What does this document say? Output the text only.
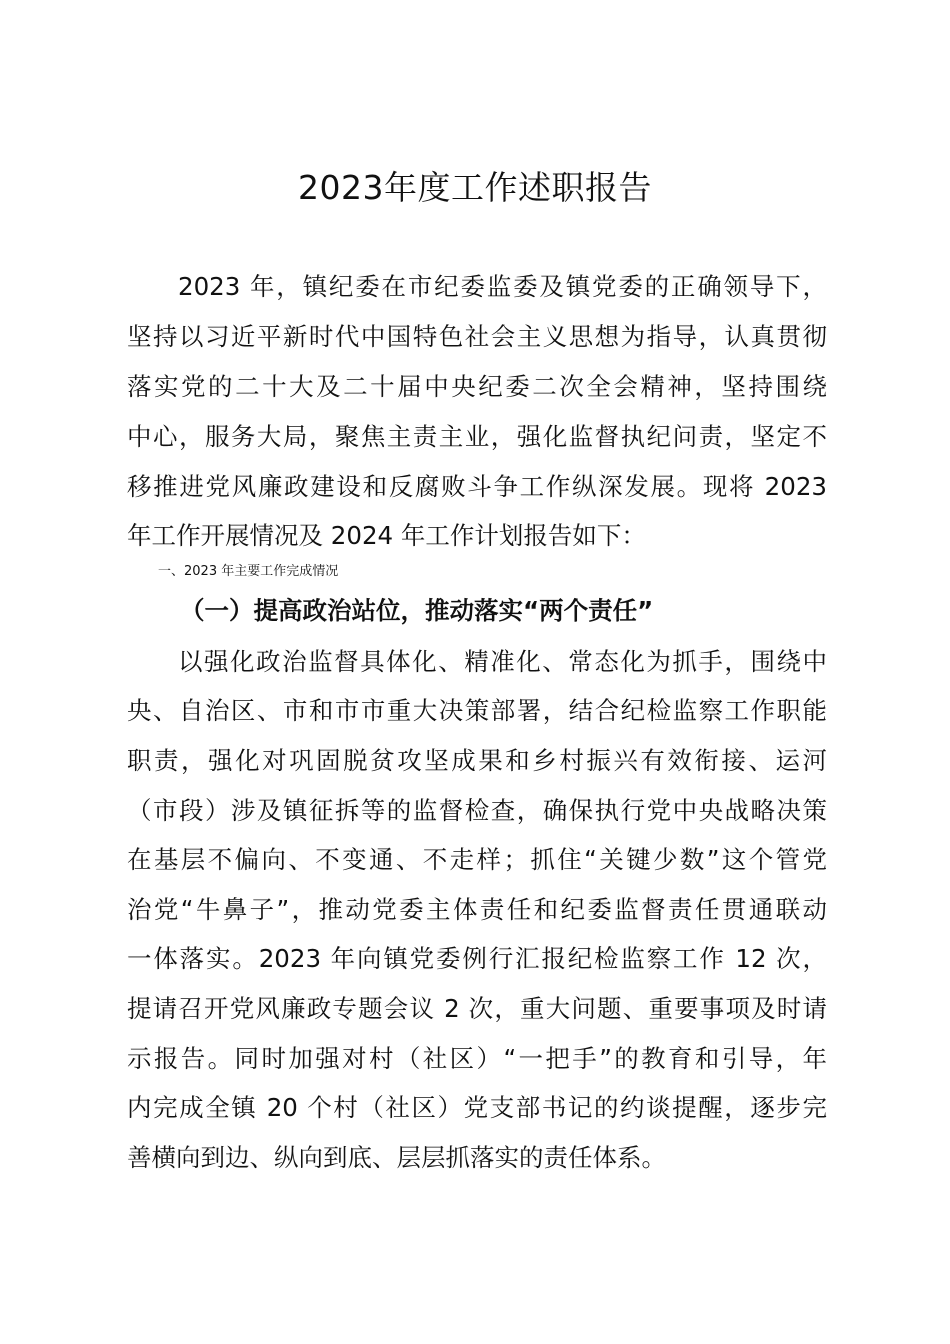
2023年度工作述职报告
2023 年，镇纪委在市纪委监委及镇党委的正确领导下，
坚持以习近平新时代中国特色社会主义思想为指导，认真贯彻
落实党的二十大及二十届中央纪委二次全会精神，坚持围绕
中心，服务大局，聚焦主责主业，强化监督执纪问责，坚定不
移推进党风廉政建设和反腐败斗争工作纵深发展。现将 2023
年工作开展情况及 2024 年工作计划报告如下：
一、2023 年主要工作完成情况
（一）提高政治站位，推动落实“两个责任”
以强化政治监督具体化、精准化、常态化为抓手，围绕中
央、自治区、市和市市重大决策部署，结合纪检监察工作职能
职责，强化对巩固脱贫攻坚成果和乡村振兴有效衔接、运河
（市段）涉及镇征拆等的监督检查，确保执行党中央战略决策
在基层不偏向、不变通、不走样；抓住“关键少数”这个管党
治党“牛鼻子”，推动党委主体责任和纪委监督责任贯通联动
一体落实。2023 年向镇党委例行汇报纪检监察工作 12 次，
提请召开党风廉政专题会议 2 次，重大问题、重要事项及时请
示报告。同时加强对村（社区）“一把手”的教育和引导，年
内完成全镇 20 个村（社区）党支部书记的约谈提醒，逐步完
善横向到边、纵向到底、层层抓落实的责任体系。
